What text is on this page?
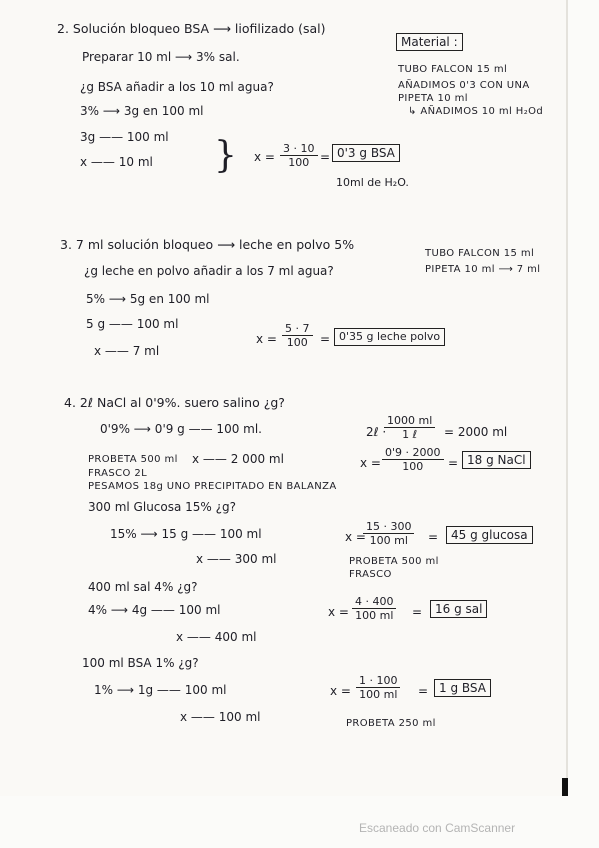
2. Solución bloqueo BSA ⟶ liofilizado (sal)
Preparar 10 ml ⟶ 3% sal.
¿g BSA añadir a los 10 ml agua?
3% ⟶ 3g en 100 ml
3g —— 100 ml
x —— 10 ml } $x = \frac{3 \cdot 10}{100} = 0'3$ g BSA
10ml de H₂O.
Material :
TUBO FALCON 15 ml
AÑADIMOS 0'3 CON UNA
PIPETA 10 ml
↳ AÑADIMOS 10 ml H₂Od
3. 7 ml solución bloqueo ⟶ leche en polvo 5%
¿g leche en polvo añadir a los 7 ml agua?
5% ⟶ 5g en 100 ml
5 g —— 100 ml
x —— 7 ml
$x = \frac{5 \cdot 7}{100} = 0'35$ g leche polvo
TUBO FALCON 15 ml
PIPETA 10 ml ⟶ 7 ml
4. 2ℓ NaCl al 0'9%. suero salino ¿g?
0'9% ⟶ 0'9 g —— 100 ml.	2ℓ ·
1000 ml
1 ℓ = 2000 ml
PROBETA 500 ml x —— 2 000 ml	$x = \frac{0'9 \cdot 2000}{100} = 18$ g NaCl
FRASCO 2L
PESAMOS 18g UNO PRECIPITADO EN BALANZA
300 ml Glucosa 15% ¿g?
15% ⟶ 15 g —— 100 ml
x —— 300 ml
x =
$\frac{15 \cdot 300}{100 ml}$ =	45 g glucosa
PROBETA 500 ml
FRASCO
400 ml sal 4% ¿g?
4% ⟶ 4g —— 100 ml
x —— 400 ml
$x = \frac{4 \cdot 400}{100 ml}$ =	16 g sal
100 ml BSA 1% ¿g?
1% ⟶ 1g —— 100 ml
x —— 100 ml
$x = \frac{1 \cdot 100}{100 ml} = 1$ g BSA
PROBETA 250 ml
Escaneado con CamScanner
